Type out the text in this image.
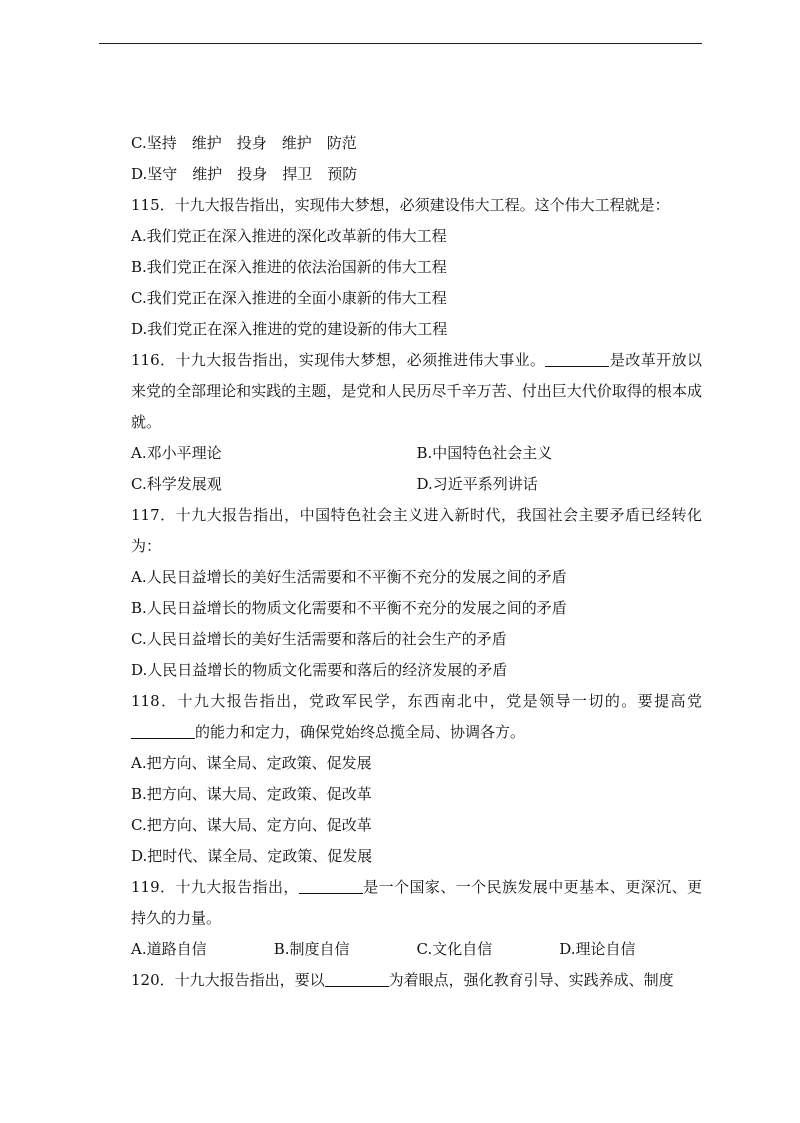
C.坚持　维护　投身　维护　防范
D.坚守　维护　投身　捍卫　预防
115．十九大报告指出，实现伟大梦想，必须建设伟大工程。这个伟大工程就是：
A.我们党正在深入推进的深化改革新的伟大工程
B.我们党正在深入推进的依法治国新的伟大工程
C.我们党正在深入推进的全面小康新的伟大工程
D.我们党正在深入推进的党的建设新的伟大工程
116．十九大报告指出，实现伟大梦想，必须推进伟大事业。	是改革开放以来党的全部理论和实践的主题，是党和人民历尽千辛万苦、付出巨大代价取得的根本成就。
A.邓小平理论	B.中国特色社会主义
C.科学发展观	D.习近平系列讲话
117．十九大报告指出，中国特色社会主义进入新时代，我国社会主要矛盾已经转化为：
A.人民日益增长的美好生活需要和不平衡不充分的发展之间的矛盾
B.人民日益增长的物质文化需要和不平衡不充分的发展之间的矛盾
C.人民日益增长的美好生活需要和落后的社会生产的矛盾
D.人民日益增长的物质文化需要和落后的经济发展的矛盾
118．十九大报告指出，党政军民学，东西南北中，党是领导一切的。要提高党的能力和定力，确保党始终总揽全局、协调各方。
A.把方向、谋全局、定政策、促发展
B.把方向、谋大局、定政策、促改革
C.把方向、谋大局、定方向、促改革
D.把时代、谋全局、定政策、促发展
119．十九大报告指出，	是一个国家、一个民族发展中更基本、更深沉、更持久的力量。
A.道路自信	B.制度自信	C.文化自信	D.理论自信
120．十九大报告指出，要以	为着眼点，强化教育引导、实践养成、制度
